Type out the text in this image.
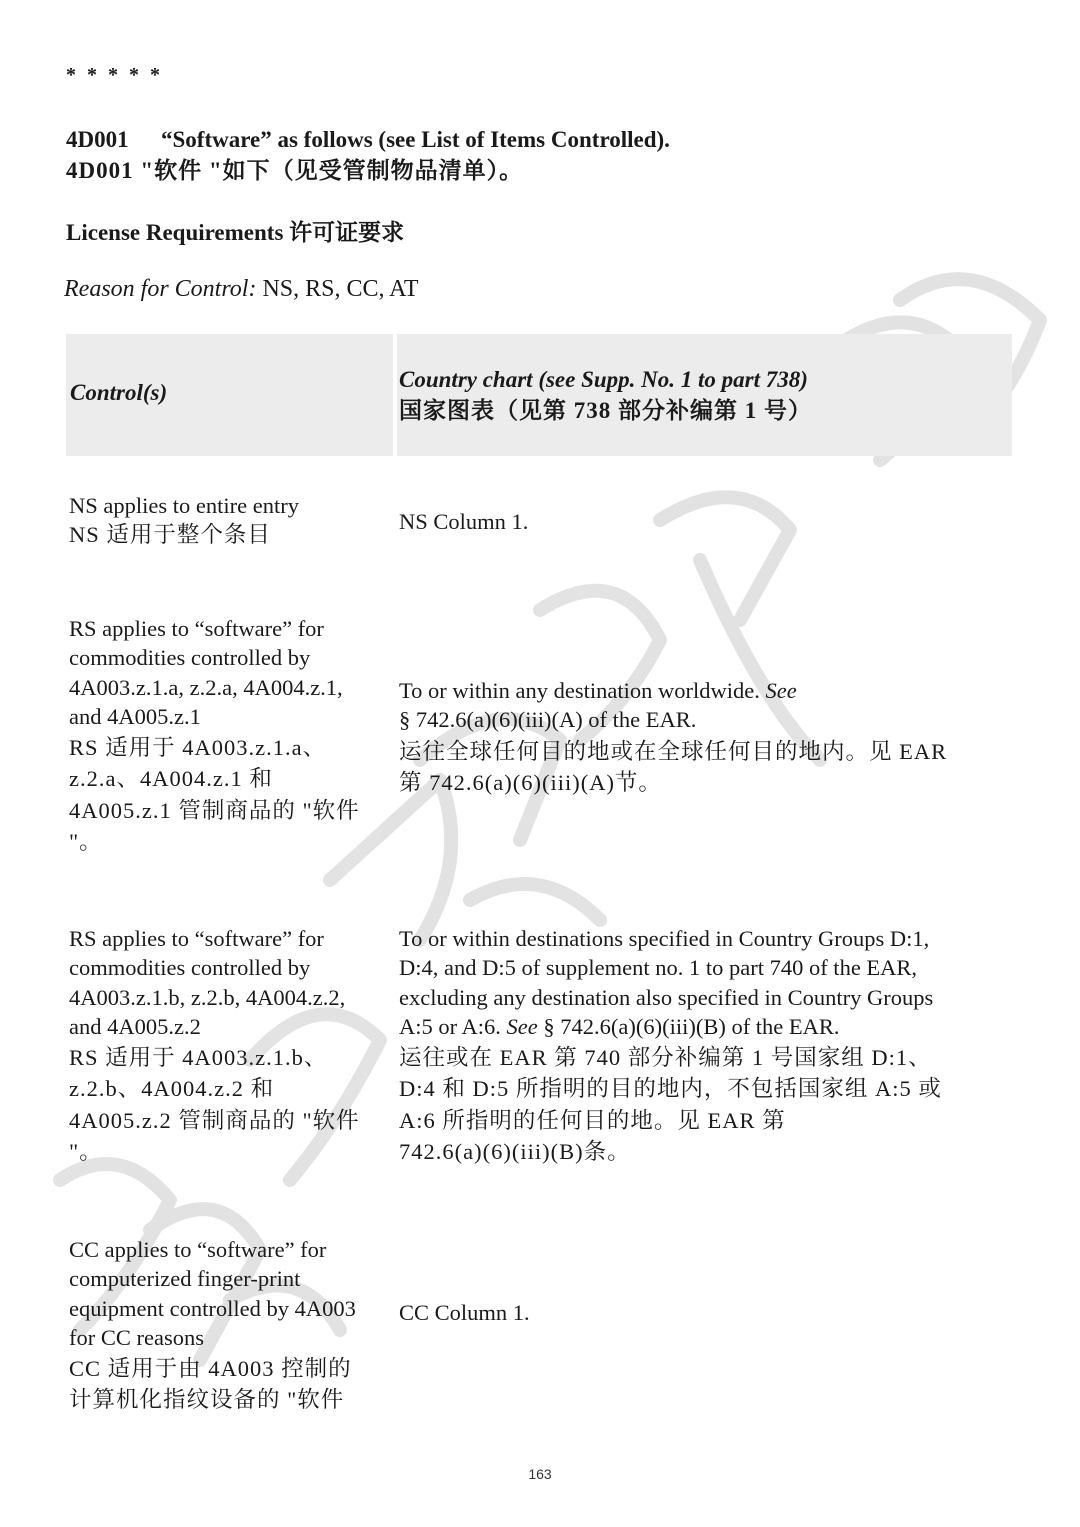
* * * * *
4D001 “Software” as follows (see List of Items Controlled).
4D001 "软件 "如下（见受管制物品清单）。
License Requirements 许可证要求
Reason for Control: NS, RS, CC, AT
Control(s)
Country chart (see Supp. No. 1 to part 738)
国家图表（见第 738 部分补编第 1 号）
NS applies to entire entry
NS 适用于整个条目
NS Column 1.
RS applies to “software” for
commodities controlled by
4A003.z.1.a, z.2.a, 4A004.z.1,
and 4A005.z.1
RS 适用于 4A003.z.1.a、
z.2.a、4A004.z.1 和
4A005.z.1 管制商品的 "软件
"。
To or within any destination worldwide. See
§ 742.6(a)(6)(iii)(A) of the EAR.
运往全球任何目的地或在全球任何目的地内。见 EAR
第 742.6(a)(6)(iii)(A)节。
RS applies to “software” for
commodities controlled by
4A003.z.1.b, z.2.b, 4A004.z.2,
and 4A005.z.2
RS 适用于 4A003.z.1.b、
z.2.b、4A004.z.2 和
4A005.z.2 管制商品的 "软件
"。
To or within destinations specified in Country Groups D:1,
D:4, and D:5 of supplement no. 1 to part 740 of the EAR,
excluding any destination also specified in Country Groups
A:5 or A:6. See § 742.6(a)(6)(iii)(B) of the EAR.
运往或在 EAR 第 740 部分补编第 1 号国家组 D:1、
D:4 和 D:5 所指明的目的地内，不包括国家组 A:5 或
A:6 所指明的任何目的地。见 EAR 第
742.6(a)(6)(iii)(B)条。
CC applies to “software” for
computerized finger-print
equipment controlled by 4A003
for CC reasons
CC 适用于由 4A003 控制的
计算机化指纹设备的 "软件
CC Column 1.
163
